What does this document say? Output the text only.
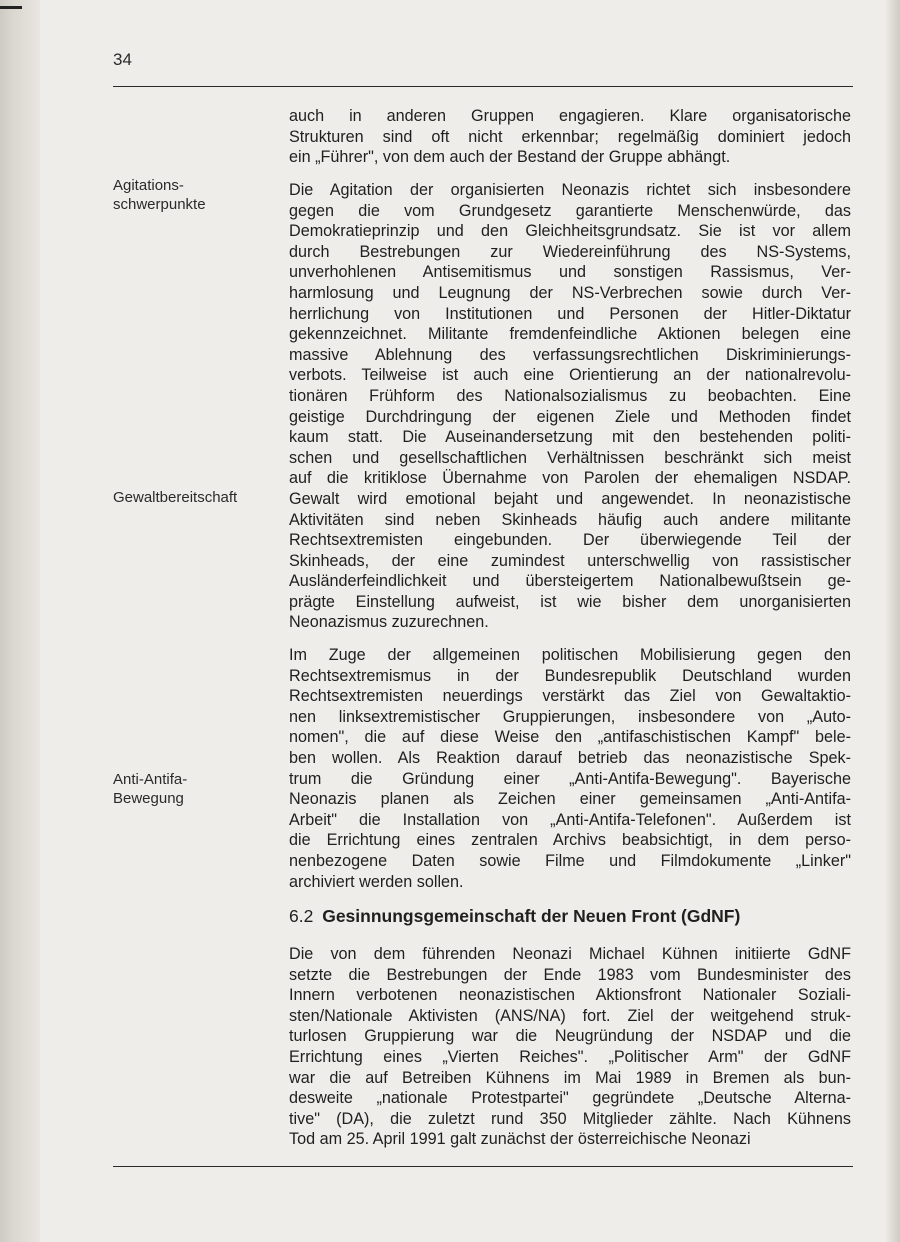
34
Agitations-
schwerpunkte
Gewaltbereitschaft
Anti-Antifa-
Bewegung
auch in anderen Gruppen engagieren. Klare organisatorische
Strukturen sind oft nicht erkennbar; regelmäßig dominiert jedoch
ein „Führer", von dem auch der Bestand der Gruppe abhängt.
Die Agitation der organisierten Neonazis richtet sich insbesondere
gegen die vom Grundgesetz garantierte Menschenwürde, das
Demokratieprinzip und den Gleichheitsgrundsatz. Sie ist vor allem
durch Bestrebungen zur Wiedereinführung des NS-Systems,
unverhohlenen Antisemitismus und sonstigen Rassismus, Ver-
harmlosung und Leugnung der NS-Verbrechen sowie durch Ver-
herrlichung von Institutionen und Personen der Hitler-Diktatur
gekennzeichnet. Militante fremdenfeindliche Aktionen belegen eine
massive Ablehnung des verfassungsrechtlichen Diskriminierungs-
verbots. Teilweise ist auch eine Orientierung an der nationalrevolu-
tionären Frühform des Nationalsozialismus zu beobachten. Eine
geistige Durchdringung der eigenen Ziele und Methoden findet
kaum statt. Die Auseinandersetzung mit den bestehenden politi-
schen und gesellschaftlichen Verhältnissen beschränkt sich meist
auf die kritiklose Übernahme von Parolen der ehemaligen NSDAP.
Gewalt wird emotional bejaht und angewendet. In neonazistische
Aktivitäten sind neben Skinheads häufig auch andere militante
Rechtsextremisten eingebunden. Der überwiegende Teil der
Skinheads, der eine zumindest unterschwellig von rassistischer
Ausländerfeindlichkeit und übersteigertem Nationalbewußtsein ge-
prägte Einstellung aufweist, ist wie bisher dem unorganisierten
Neonazismus zuzurechnen.
Im Zuge der allgemeinen politischen Mobilisierung gegen den
Rechtsextremismus in der Bundesrepublik Deutschland wurden
Rechtsextremisten neuerdings verstärkt das Ziel von Gewaltaktio-
nen linksextremistischer Gruppierungen, insbesondere von „Auto-
nomen", die auf diese Weise den „antifaschistischen Kampf" bele-
ben wollen. Als Reaktion darauf betrieb das neonazistische Spek-
trum die Gründung einer „Anti-Antifa-Bewegung". Bayerische
Neonazis planen als Zeichen einer gemeinsamen „Anti-Antifa-
Arbeit" die Installation von „Anti-Antifa-Telefonen". Außerdem ist
die Errichtung eines zentralen Archivs beabsichtigt, in dem perso-
nenbezogene Daten sowie Filme und Filmdokumente „Linker"
archiviert werden sollen.
6.2 Gesinnungsgemeinschaft der Neuen Front (GdNF)
Die von dem führenden Neonazi Michael Kühnen initiierte GdNF
setzte die Bestrebungen der Ende 1983 vom Bundesminister des
Innern verbotenen neonazistischen Aktionsfront Nationaler Soziali-
sten/Nationale Aktivisten (ANS/NA) fort. Ziel der weitgehend struk-
turlosen Gruppierung war die Neugründung der NSDAP und die
Errichtung eines „Vierten Reiches". „Politischer Arm" der GdNF
war die auf Betreiben Kühnens im Mai 1989 in Bremen als bun-
desweite „nationale Protestpartei" gegründete „Deutsche Alterna-
tive" (DA), die zuletzt rund 350 Mitglieder zählte. Nach Kühnens
Tod am 25. April 1991 galt zunächst der österreichische Neonazi
